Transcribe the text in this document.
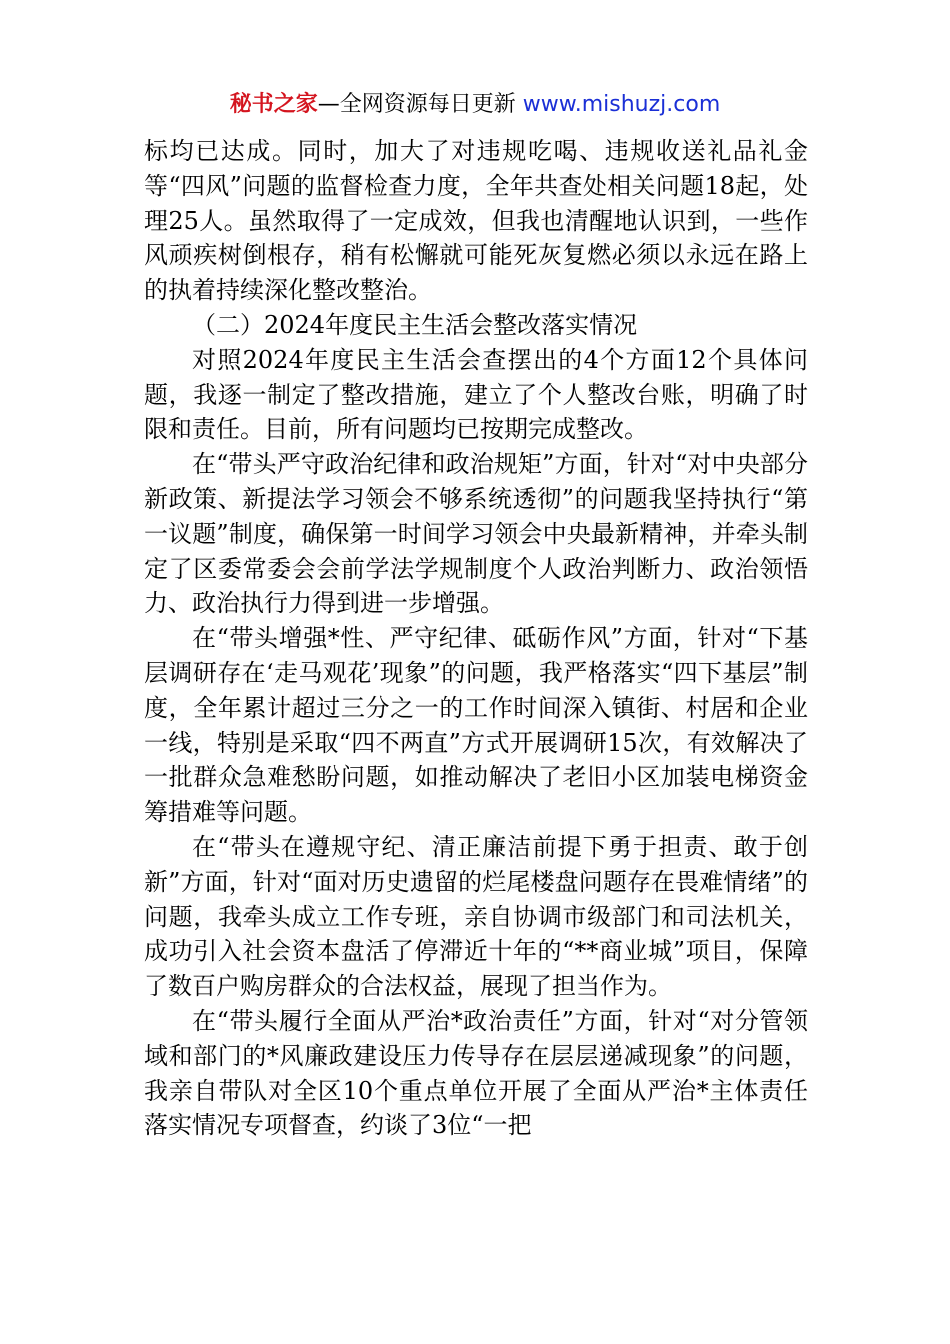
秘书之家—全网资源每日更新 www.mishuzj.com

标均已达成。同时，加大了对违规吃喝、违规收送礼品礼金等“四风”问题的监督检查力度，全年共查处相关问题18起，处理25人。虽然取得了一定成效，但我也清醒地认识到，一些作风顽疾树倒根存，稍有松懈就可能死灰复燃必须以永远在路上的执着持续深化整改整治。

（二）2024年度民主生活会整改落实情况

对照2024年度民主生活会查摆出的4个方面12个具体问题，我逐一制定了整改措施，建立了个人整改台账，明确了时限和责任。目前，所有问题均已按期完成整改。

在“带头严守政治纪律和政治规矩”方面，针对“对中央部分新政策、新提法学习领会不够系统透彻”的问题我坚持执行“第一议题”制度，确保第一时间学习领会中央最新精神，并牵头制定了区委常委会会前学法学规制度个人政治判断力、政治领悟力、政治执行力得到进一步增强。

在“带头增强*性、严守纪律、砥砺作风”方面，针对“下基层调研存在‘走马观花’现象”的问题，我严格落实“四下基层”制度，全年累计超过三分之一的工作时间深入镇街、村居和企业一线，特别是采取“四不两直”方式开展调研15次，有效解决了一批群众急难愁盼问题，如推动解决了老旧小区加装电梯资金筹措难等问题。

在“带头在遵规守纪、清正廉洁前提下勇于担责、敢于创新”方面，针对“面对历史遗留的烂尾楼盘问题存在畏难情绪”的问题，我牵头成立工作专班，亲自协调市级部门和司法机关，成功引入社会资本盘活了停滞近十年的“**商业城”项目，保障了数百户购房群众的合法权益，展现了担当作为。

在“带头履行全面从严治*政治责任”方面，针对“对分管领域和部门的*风廉政建设压力传导存在层层递减现象”的问题，我亲自带队对全区10个重点单位开展了全面从严治*主体责任落实情况专项督查，约谈了3位“一把
